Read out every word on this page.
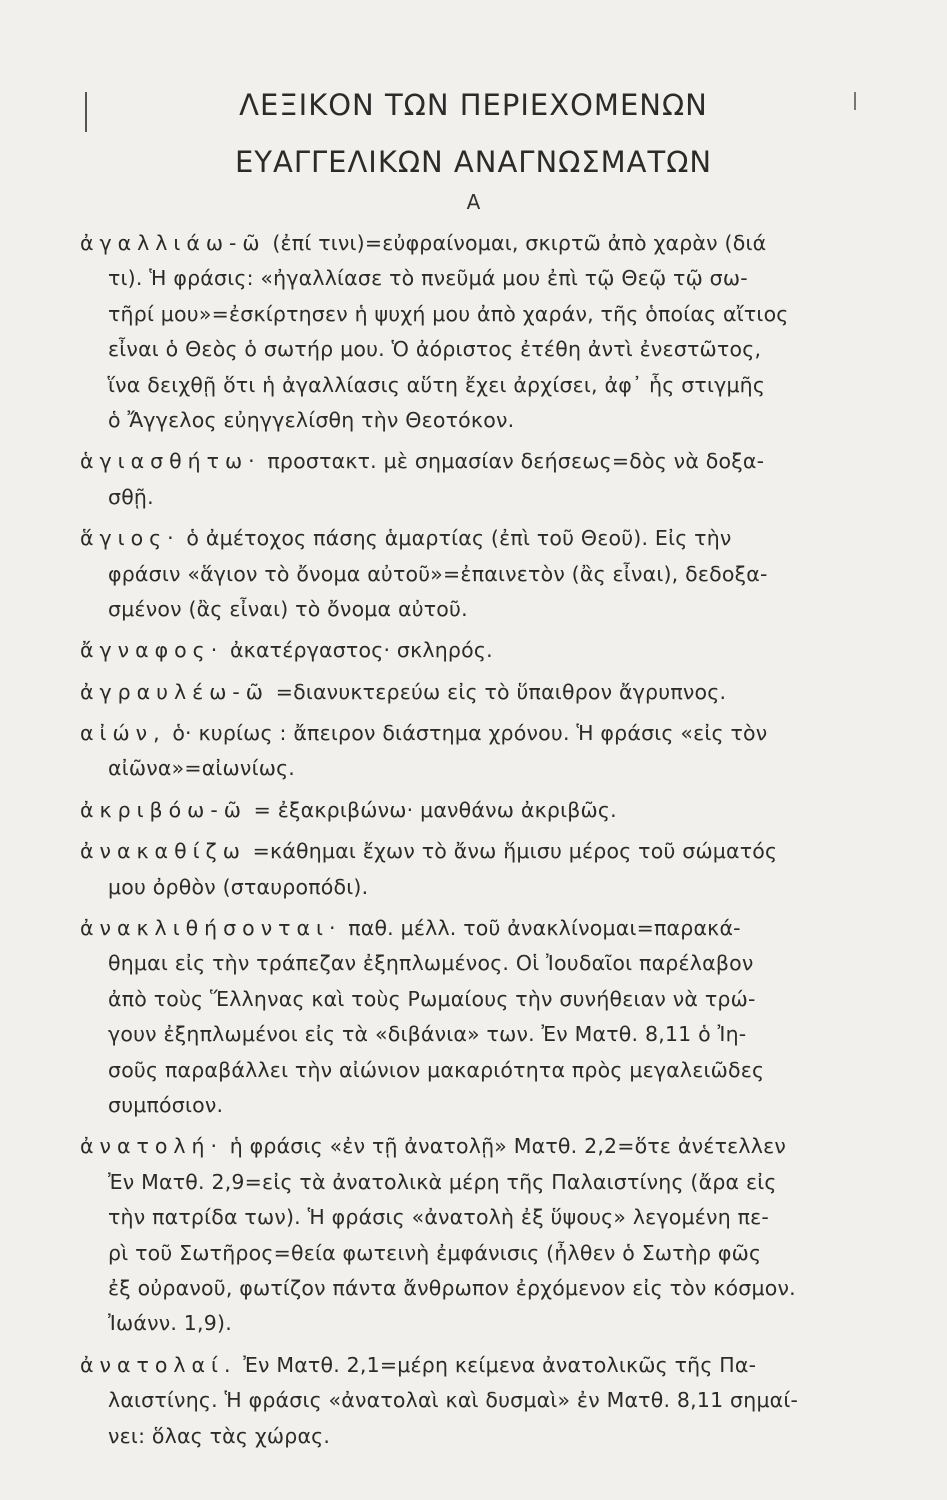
ΛΕΞΙΚΟΝ ΤΩΝ ΠΕΡΙΕΧΟΜΕΝΩΝ
ΕΥΑΓΓΕΛΙΚΩΝ ΑΝΑΓΝΩΣΜΑΤΩΝ
Α
ἀγαλλιάω-ῶ (ἐπί τινι)=εὐφραίνομαι, σκιρτῶ ἀπὸ χαρὰν (διά
τι). Ἡ φράσις: «ἠγαλλίασε τὸ πνεῦμά μου ἐπὶ τῷ Θεῷ τῷ σω-
τῆρί μου»=ἐσκίρτησεν ἡ ψυχή μου ἀπὸ χαράν, τῆς ὁποίας αἴτιος
εἶναι ὁ Θεὸς ὁ σωτήρ μου. Ὁ ἀόριστος ἐτέθη ἀντὶ ἐνεστῶτος,
ἵνα δειχθῇ ὅτι ἡ ἀγαλλίασις αὕτη ἔχει ἀρχίσει, ἀφ᾿ ἧς στιγμῆς
ὁ Ἄγγελος εὐηγγελίσθη τὴν Θεοτόκον.
ἁγιασθήτω· προστακτ. μὲ σημασίαν δεήσεως=δὸς νὰ δοξα-
σθῇ.
ἅγιος· ὁ ἀμέτοχος πάσης ἁμαρτίας (ἐπὶ τοῦ Θεοῦ). Εἰς τὴν
φράσιν «ἅγιον τὸ ὄνομα αὐτοῦ»=ἐπαινετὸν (ἂς εἶναι), δεδοξα-
σμένον (ἂς εἶναι) τὸ ὄνομα αὐτοῦ.
ἄγναφος· ἀκατέργαστος· σκληρός.
ἀγραυλέω-ῶ =διανυκτερεύω εἰς τὸ ὕπαιθρον ἄγρυπνος.
αἰών, ὁ· κυρίως : ἄπειρον διάστημα χρόνου. Ἡ φράσις «εἰς τὸν
αἰῶνα»=αἰωνίως.
ἀκριβόω-ῶ = ἐξακριβώνω· μανθάνω ἀκριβῶς.
ἀνακαθίζω =κάθημαι ἔχων τὸ ἄνω ἥμισυ μέρος τοῦ σώματός
μου ὀρθὸν (σταυροπόδι).
ἀνακλιθήσονται· παθ. μέλλ. τοῦ ἀνακλίνομαι=παρακά-
θημαι εἰς τὴν τράπεζαν ἐξηπλωμένος. Οἱ Ἰουδαῖοι παρέλαβον
ἀπὸ τοὺς Ἕλληνας καὶ τοὺς Ρωμαίους τὴν συνήθειαν νὰ τρώ-
γουν ἐξηπλωμένοι εἰς τὰ «διβάνια» των. Ἐν Ματθ. 8,11 ὁ Ἰη-
σοῦς παραβάλλει τὴν αἰώνιον μακαριότητα πρὸς μεγαλειῶδες
συμπόσιον.
ἀνατολή· ἡ φράσις «ἐν τῇ ἀνατολῇ» Ματθ. 2,2=ὅτε ἀνέτελλεν
Ἐν Ματθ. 2,9=εἰς τὰ ἀνατολικὰ μέρη τῆς Παλαιστίνης (ἄρα εἰς
τὴν πατρίδα των). Ἡ φράσις «ἀνατολὴ ἐξ ὕψους» λεγομένη πε-
ρὶ τοῦ Σωτῆρος=θεία φωτεινὴ ἐμφάνισις (ἦλθεν ὁ Σωτὴρ φῶς
ἐξ οὐρανοῦ, φωτίζον πάντα ἄνθρωπον ἐρχόμενον εἰς τὸν κόσμον.
Ἰωάνν. 1,9).
ἀνατολαί. Ἐν Ματθ. 2,1=μέρη κείμενα ἀνατολικῶς τῆς Πα-
λαιστίνης. Ἡ φράσις «ἀνατολαὶ καὶ δυσμαὶ» ἐν Ματθ. 8,11 σημαί-
νει: ὅλας τὰς χώρας.
